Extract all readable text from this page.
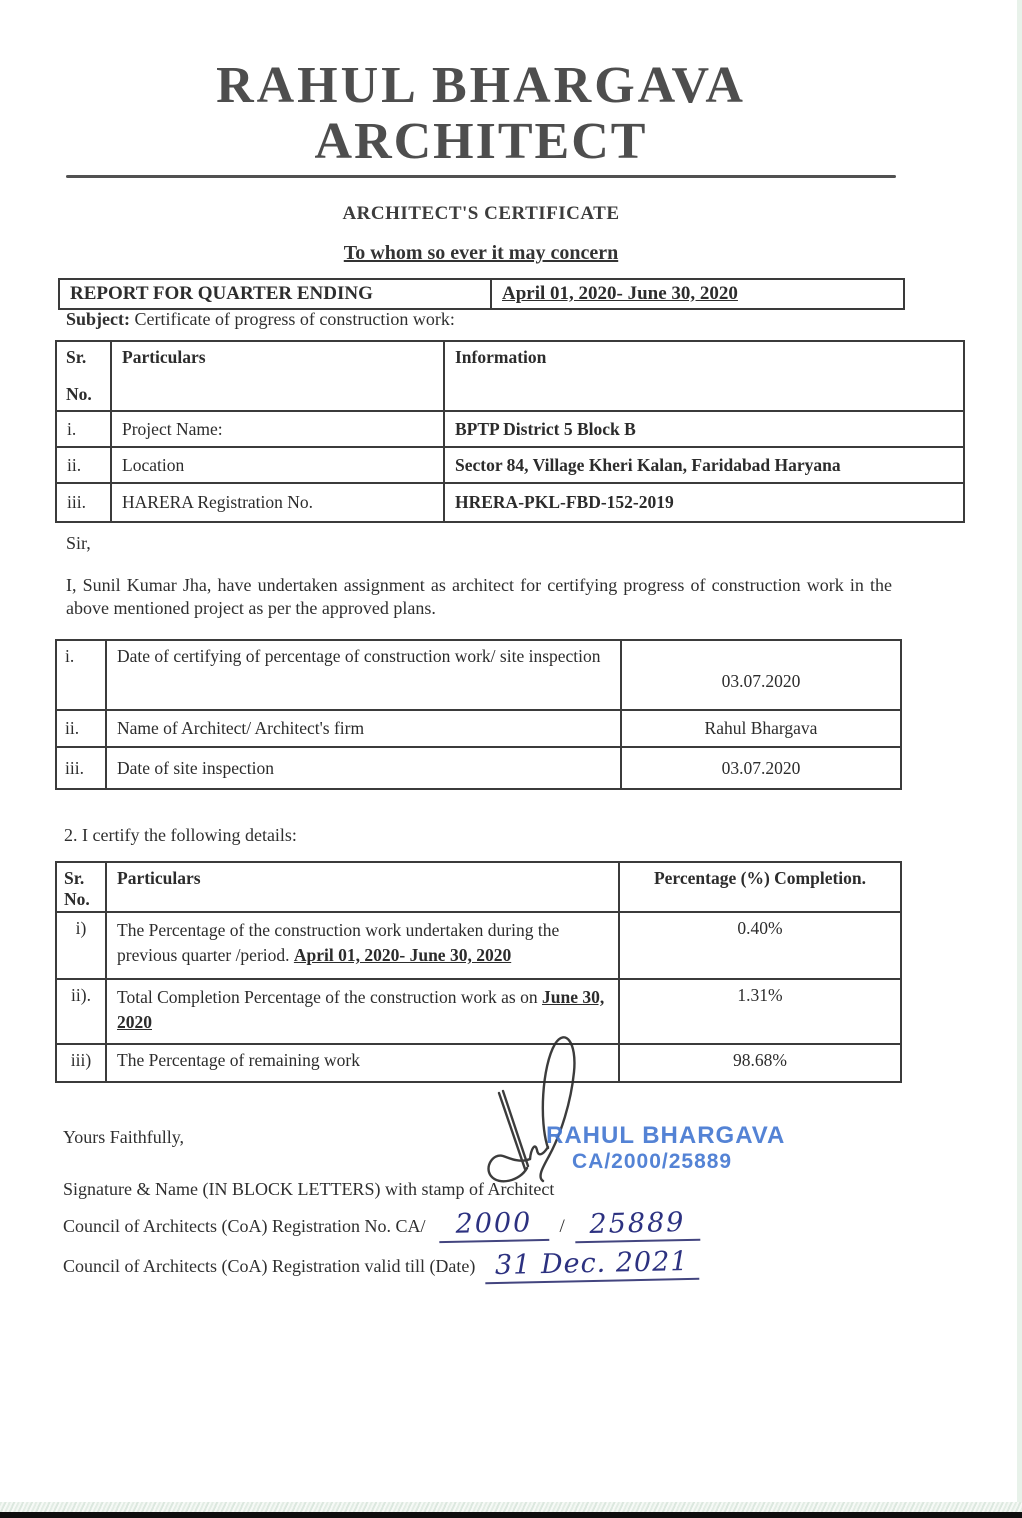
RAHUL BHARGAVA
ARCHITECT
ARCHITECT'S CERTIFICATE
To whom so ever it may concern
REPORT FOR QUARTER ENDING	April 01, 2020- June 30, 2020
Subject: Certificate of progress of construction work:
Sr.
No.	Particulars	Information
i.	Project Name:	BPTP District 5 Block B
ii.	Location	Sector 84, Village Kheri Kalan, Faridabad Haryana
iii.	HARERA Registration No.	HRERA-PKL-FBD-152-2019
Sir,
I, Sunil Kumar Jha, have undertaken assignment as architect for certifying progress of construction work in the above mentioned project as per the approved plans.
i.	Date of certifying of percentage of construction work/ site inspection	03.07.2020
ii.	Name of Architect/ Architect's firm	Rahul Bhargava
iii.	Date of site inspection	03.07.2020
2. I certify the following details:
Sr.
No.	Particulars	Percentage (%) Completion.
i)	The Percentage of the construction work undertaken during the previous quarter /period. April 01, 2020- June 30, 2020	0.40%
ii).	Total Completion Percentage of the construction work as on June 30, 2020	1.31%
iii)	The Percentage of remaining work	98.68%
Yours Faithfully,	RAHUL BHARGAVA
CA/2000/25889
Signature & Name (IN BLOCK LETTERS) with stamp of Architect
Council of Architects (CoA) Registration No. CA/	2000	/ 25889
Council of Architects (CoA) Registration valid till (Date) 31 Dec. 2021
